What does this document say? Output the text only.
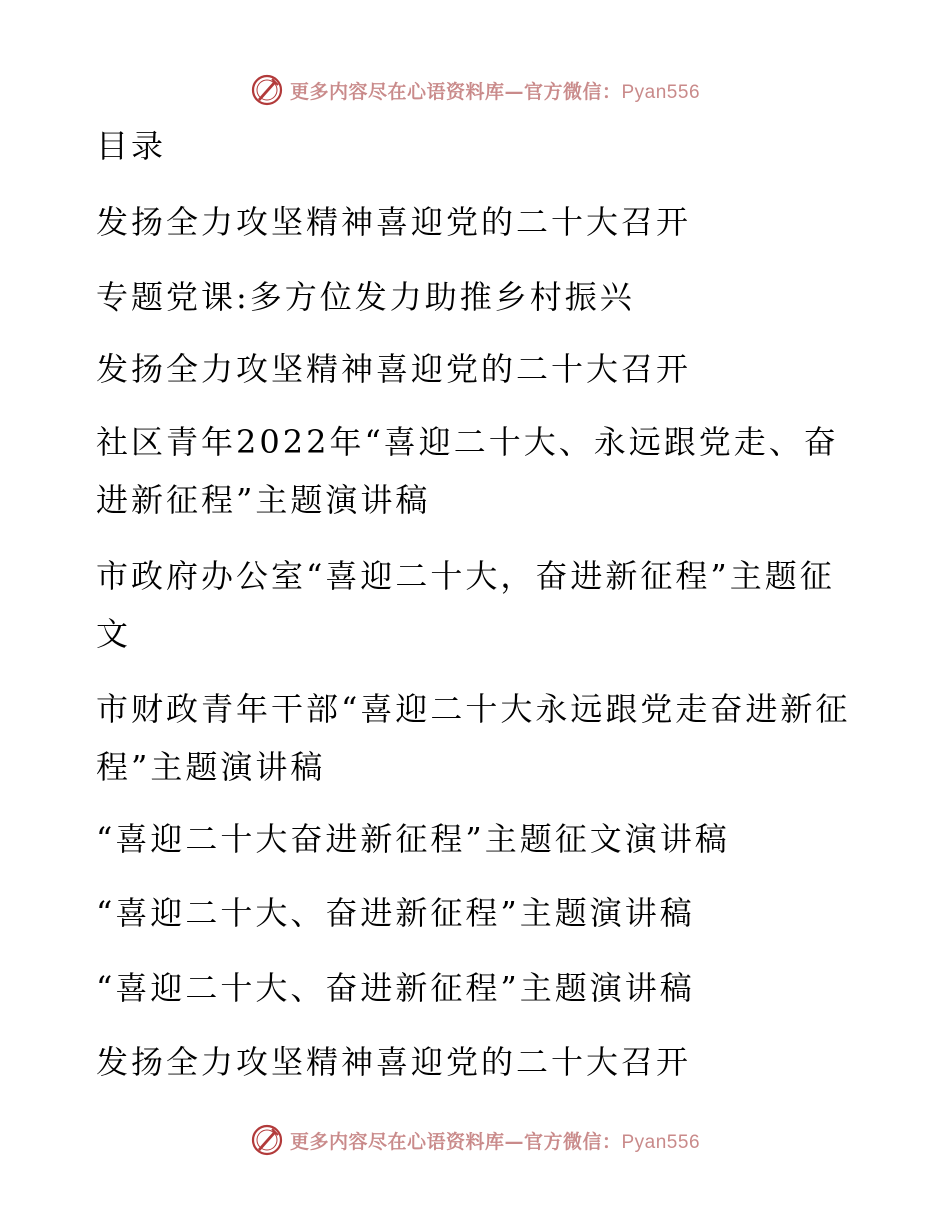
更多内容尽在心语资料库—官方微信：Pyan556
目录
发扬全力攻坚精神喜迎党的二十大召开
专题党课:多方位发力助推乡村振兴
发扬全力攻坚精神喜迎党的二十大召开
社区青年2022年“喜迎二十大、永远跟党走、奋进新征程”主题演讲稿
市政府办公室“喜迎二十大，奋进新征程”主题征文
市财政青年干部“喜迎二十大永远跟党走奋进新征程”主题演讲稿
“喜迎二十大奋进新征程”主题征文演讲稿
“喜迎二十大、奋进新征程”主题演讲稿
“喜迎二十大、奋进新征程”主题演讲稿
发扬全力攻坚精神喜迎党的二十大召开
更多内容尽在心语资料库—官方微信：Pyan556
